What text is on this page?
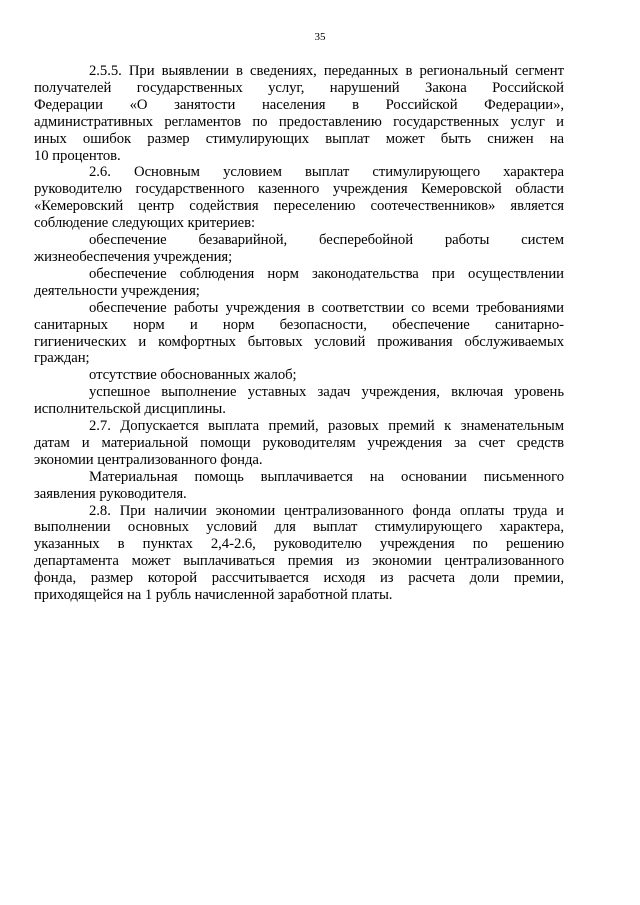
35
2.5.5. При выявлении в сведениях, переданных в региональный сегмент
получателей государственных услуг, нарушений Закона Российской
Федерации «О занятости населения в Российской Федерации»,
административных регламентов по предоставлению государственных услуг и
иных ошибок размер стимулирующих выплат может быть снижен на
10 процентов.
2.6. Основным условием выплат стимулирующего характера
руководителю государственного казенного учреждения Кемеровской области
«Кемеровский центр содействия переселению соотечественников» является
соблюдение следующих критериев:
обеспечение безаварийной, бесперебойной работы систем
жизнеобеспечения учреждения;
обеспечение соблюдения норм законодательства при осуществлении
деятельности учреждения;
обеспечение работы учреждения в соответствии со всеми требованиями
санитарных норм и норм безопасности, обеспечение санитарно-
гигиенических и комфортных бытовых условий проживания обслуживаемых
граждан;
отсутствие обоснованных жалоб;
успешное выполнение уставных задач учреждения, включая уровень
исполнительской дисциплины.
2.7. Допускается выплата премий, разовых премий к знаменательным
датам и материальной помощи руководителям учреждения за счет средств
экономии централизованного фонда.
Материальная помощь выплачивается на основании письменного
заявления руководителя.
2.8. При наличии экономии централизованного фонда оплаты труда и
выполнении основных условий для выплат стимулирующего характера,
указанных в пунктах 2,4-2.6, руководителю учреждения по решению
департамента может выплачиваться премия из экономии централизованного
фонда, размер которой рассчитывается исходя из расчета доли премии,
приходящейся на 1 рубль начисленной заработной платы.
